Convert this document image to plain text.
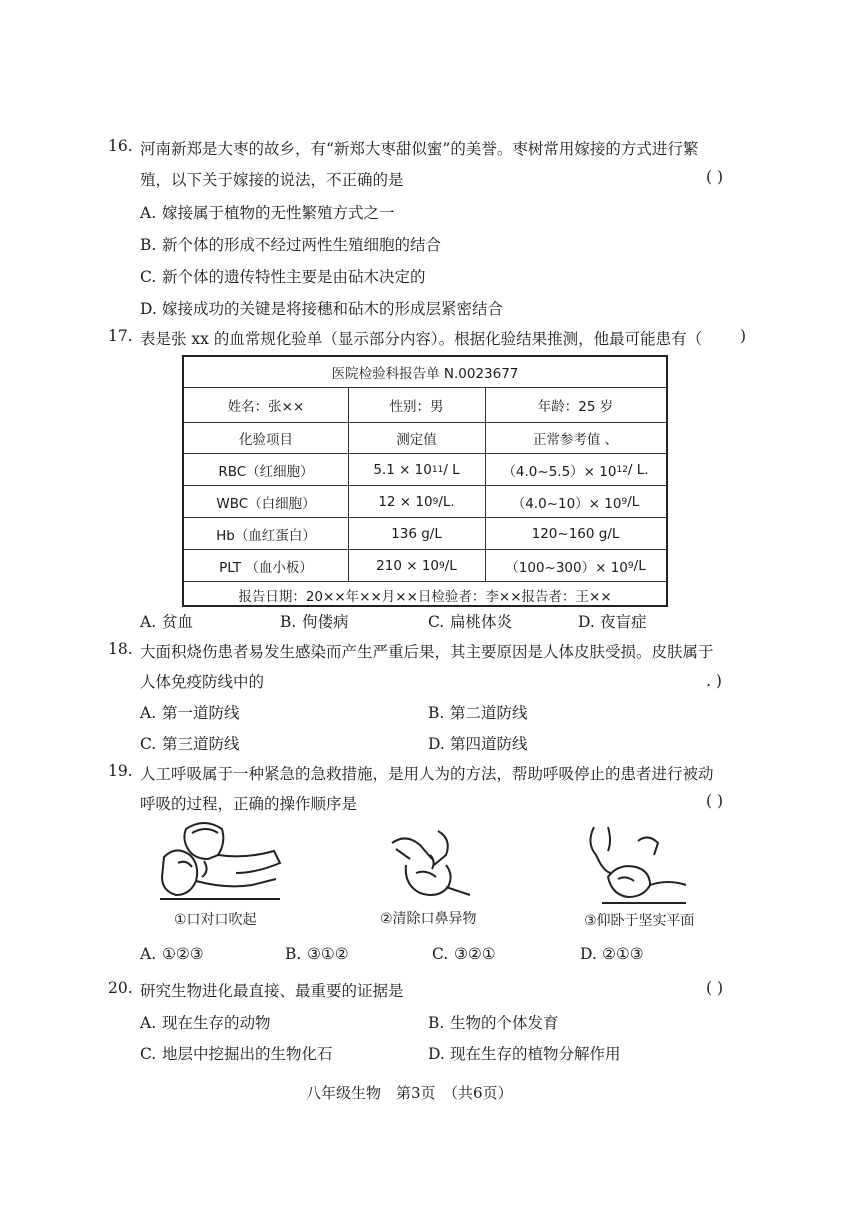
16. 河南新郑是大枣的故乡，有“新郑大枣甜似蜜”的美誉。枣树常用嫁接的方式进行繁
殖，以下关于嫁接的说法，不正确的是	( )
A. 嫁接属于植物的无性繁殖方式之一
B. 新个体的形成不经过两性生殖细胞的结合
C. 新个体的遗传特性主要是由砧木决定的
D. 嫁接成功的关键是将接穗和砧木的形成层紧密结合
17. 表是张 xx 的血常规化验单（显示部分内容）。根据化验结果推测，他最可能患有（ )
医院检验科报告单 N.0023677
姓名：张××	性别：男	年龄：25 岁
化验项目	测定值	正常参考值 、
RBC（红细胞）	5.1 × 10 11 / L	（4.0~5.5）× 10 12 / L.
WBC（白细胞）	12 × 10 9 /L.	（4.0~10）× 10 9 /L
Hb（血红蛋白）	136 g/L	120~160 g/L
PLT （血小板）	210 × 10 9 /L	（100~300）× 10 9 /L
报告日期：20××年××月××日检验者：李××报告者：王××
A. 贫血	B. 佝偻病	C. 扁桃体炎	D. 夜盲症
18. 大面积烧伤患者易发生感染而产生严重后果，其主要原因是人体皮肤受损。皮肤属于
人体免疫防线中的	. )
A. 第一道防线	B. 第二道防线
C. 第三道防线	D. 第四道防线
19. 人工呼吸属于一种紧急的急救措施，是用人为的方法，帮助呼吸停止的患者进行被动
呼吸的过程，正确的操作顺序是	( )
①口对口吹起	②清除口鼻异物	③仰卧于坚实平面
A. ①②③	B. ③①②	C. ③②①	D. ②①③
20. 研究生物进化最直接、最重要的证据是	( )
A. 现在生存的动物	B. 生物的个体发育
C. 地层中挖掘出的生物化石	D. 现在生存的植物分解作用
八年级生物　第3页　（共6页）
